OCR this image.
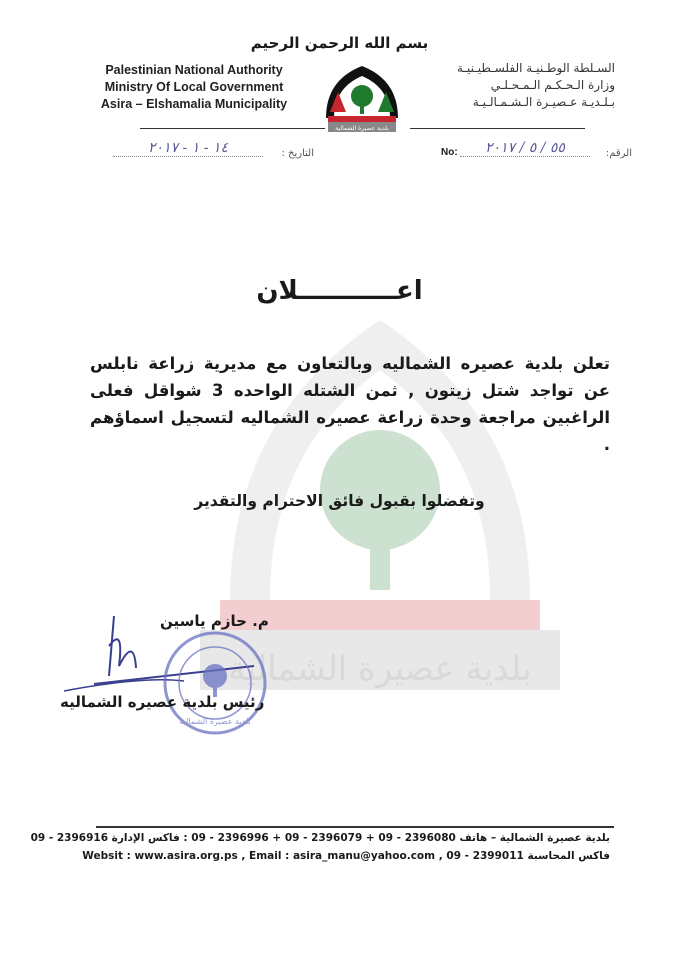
بلدية عصيرة الشمالية
بسم الله الرحمن الرحيم
Palestinian National Authority
Ministry Of Local Government
Asira – Elshamalia Municipality
السـلطة الوطـنيـة الفلسـطيـنيـة
وزارة الـحـكـم الـمـحـلـي
بـلـديـة عـصيـرة الـشـمـالـيـة
بلدية عصيرة الشمالية
١٤ - ١ - ٢٠١٧	التاريخ :	No:	٥٥ / ٥ / ٢٠١٧	الرقم:
اعـــــــــــلان
تعلن بلدية عصيره الشماليه وبالتعاون مع مديرية زراعة نابلس عن تواجد شتل زيتون , ثمن الشتله الواحده 3 شواقل فعلى الراغبين مراجعة وحدة زراعة عصيره الشماليه لتسجيل اسماؤهم .
وتفضلوا بقبول فائق الاحترام والتقدير
م. حازم ياسين
بلدية عصيرة الشمالية
رئيس بلدية عصيره الشماليه
بلدية عصيرة الشمالية – هاتف 2396080 - 09 + 2396079 - 09 + 2396996 - 09 : فاكس الإدارة 2396916 - 09
فاكس المحاسبة 2399011 - 09 , Websit : www.asira.org.ps , Email : asira_manu@yahoo.com
